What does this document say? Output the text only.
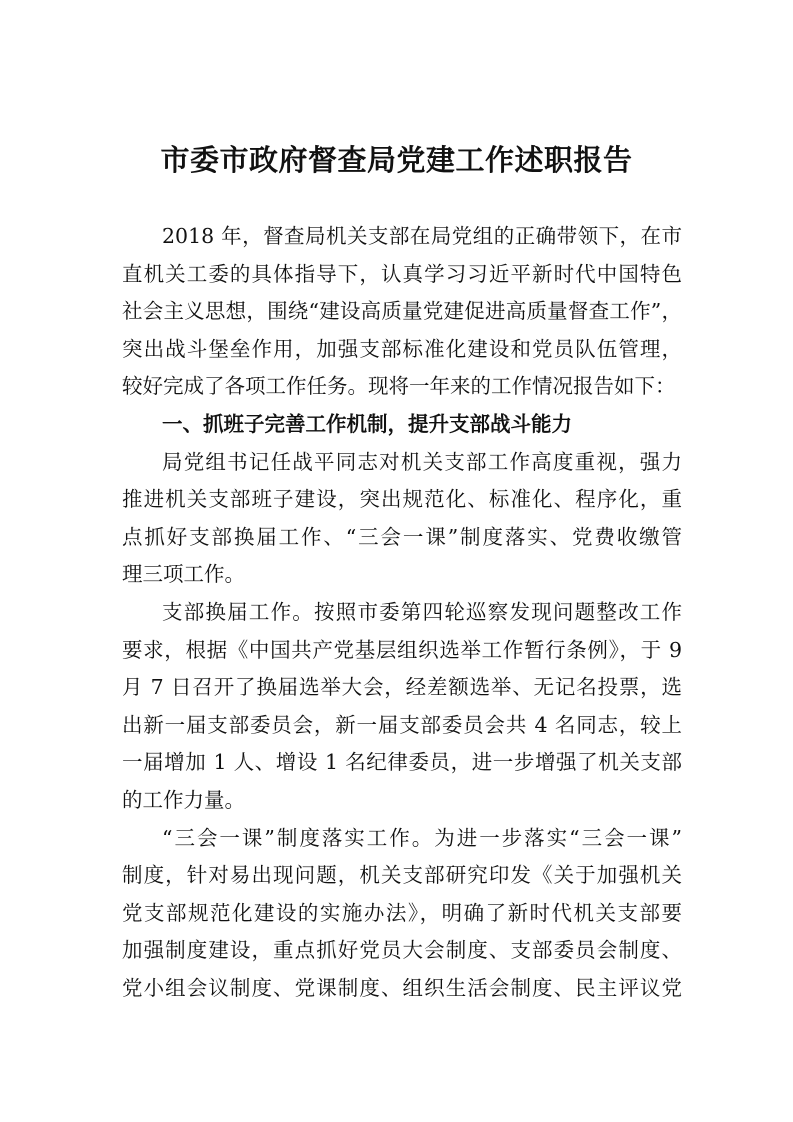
市委市政府督查局党建工作述职报告
2018 年，督查局机关支部在局党组的正确带领下，在市
直机关工委的具体指导下，认真学习习近平新时代中国特色
社会主义思想，围绕“建设高质量党建促进高质量督查工作”，
突出战斗堡垒作用，加强支部标准化建设和党员队伍管理，
较好完成了各项工作任务。现将一年来的工作情况报告如下：
一、抓班子完善工作机制，提升支部战斗能力
局党组书记任战平同志对机关支部工作高度重视，强力
推进机关支部班子建设，突出规范化、标准化、程序化，重
点抓好支部换届工作、“三会一课”制度落实、党费收缴管
理三项工作。
支部换届工作。按照市委第四轮巡察发现问题整改工作
要求，根据《中国共产党基层组织选举工作暂行条例》，于 9
月 7 日召开了换届选举大会，经差额选举、无记名投票，选
出新一届支部委员会，新一届支部委员会共 4 名同志，较上
一届增加 1 人、增设 1 名纪律委员，进一步增强了机关支部
的工作力量。
“三会一课”制度落实工作。为进一步落实“三会一课”
制度，针对易出现问题，机关支部研究印发《关于加强机关
党支部规范化建设的实施办法》，明确了新时代机关支部要
加强制度建设，重点抓好党员大会制度、支部委员会制度、
党小组会议制度、党课制度、组织生活会制度、民主评议党
